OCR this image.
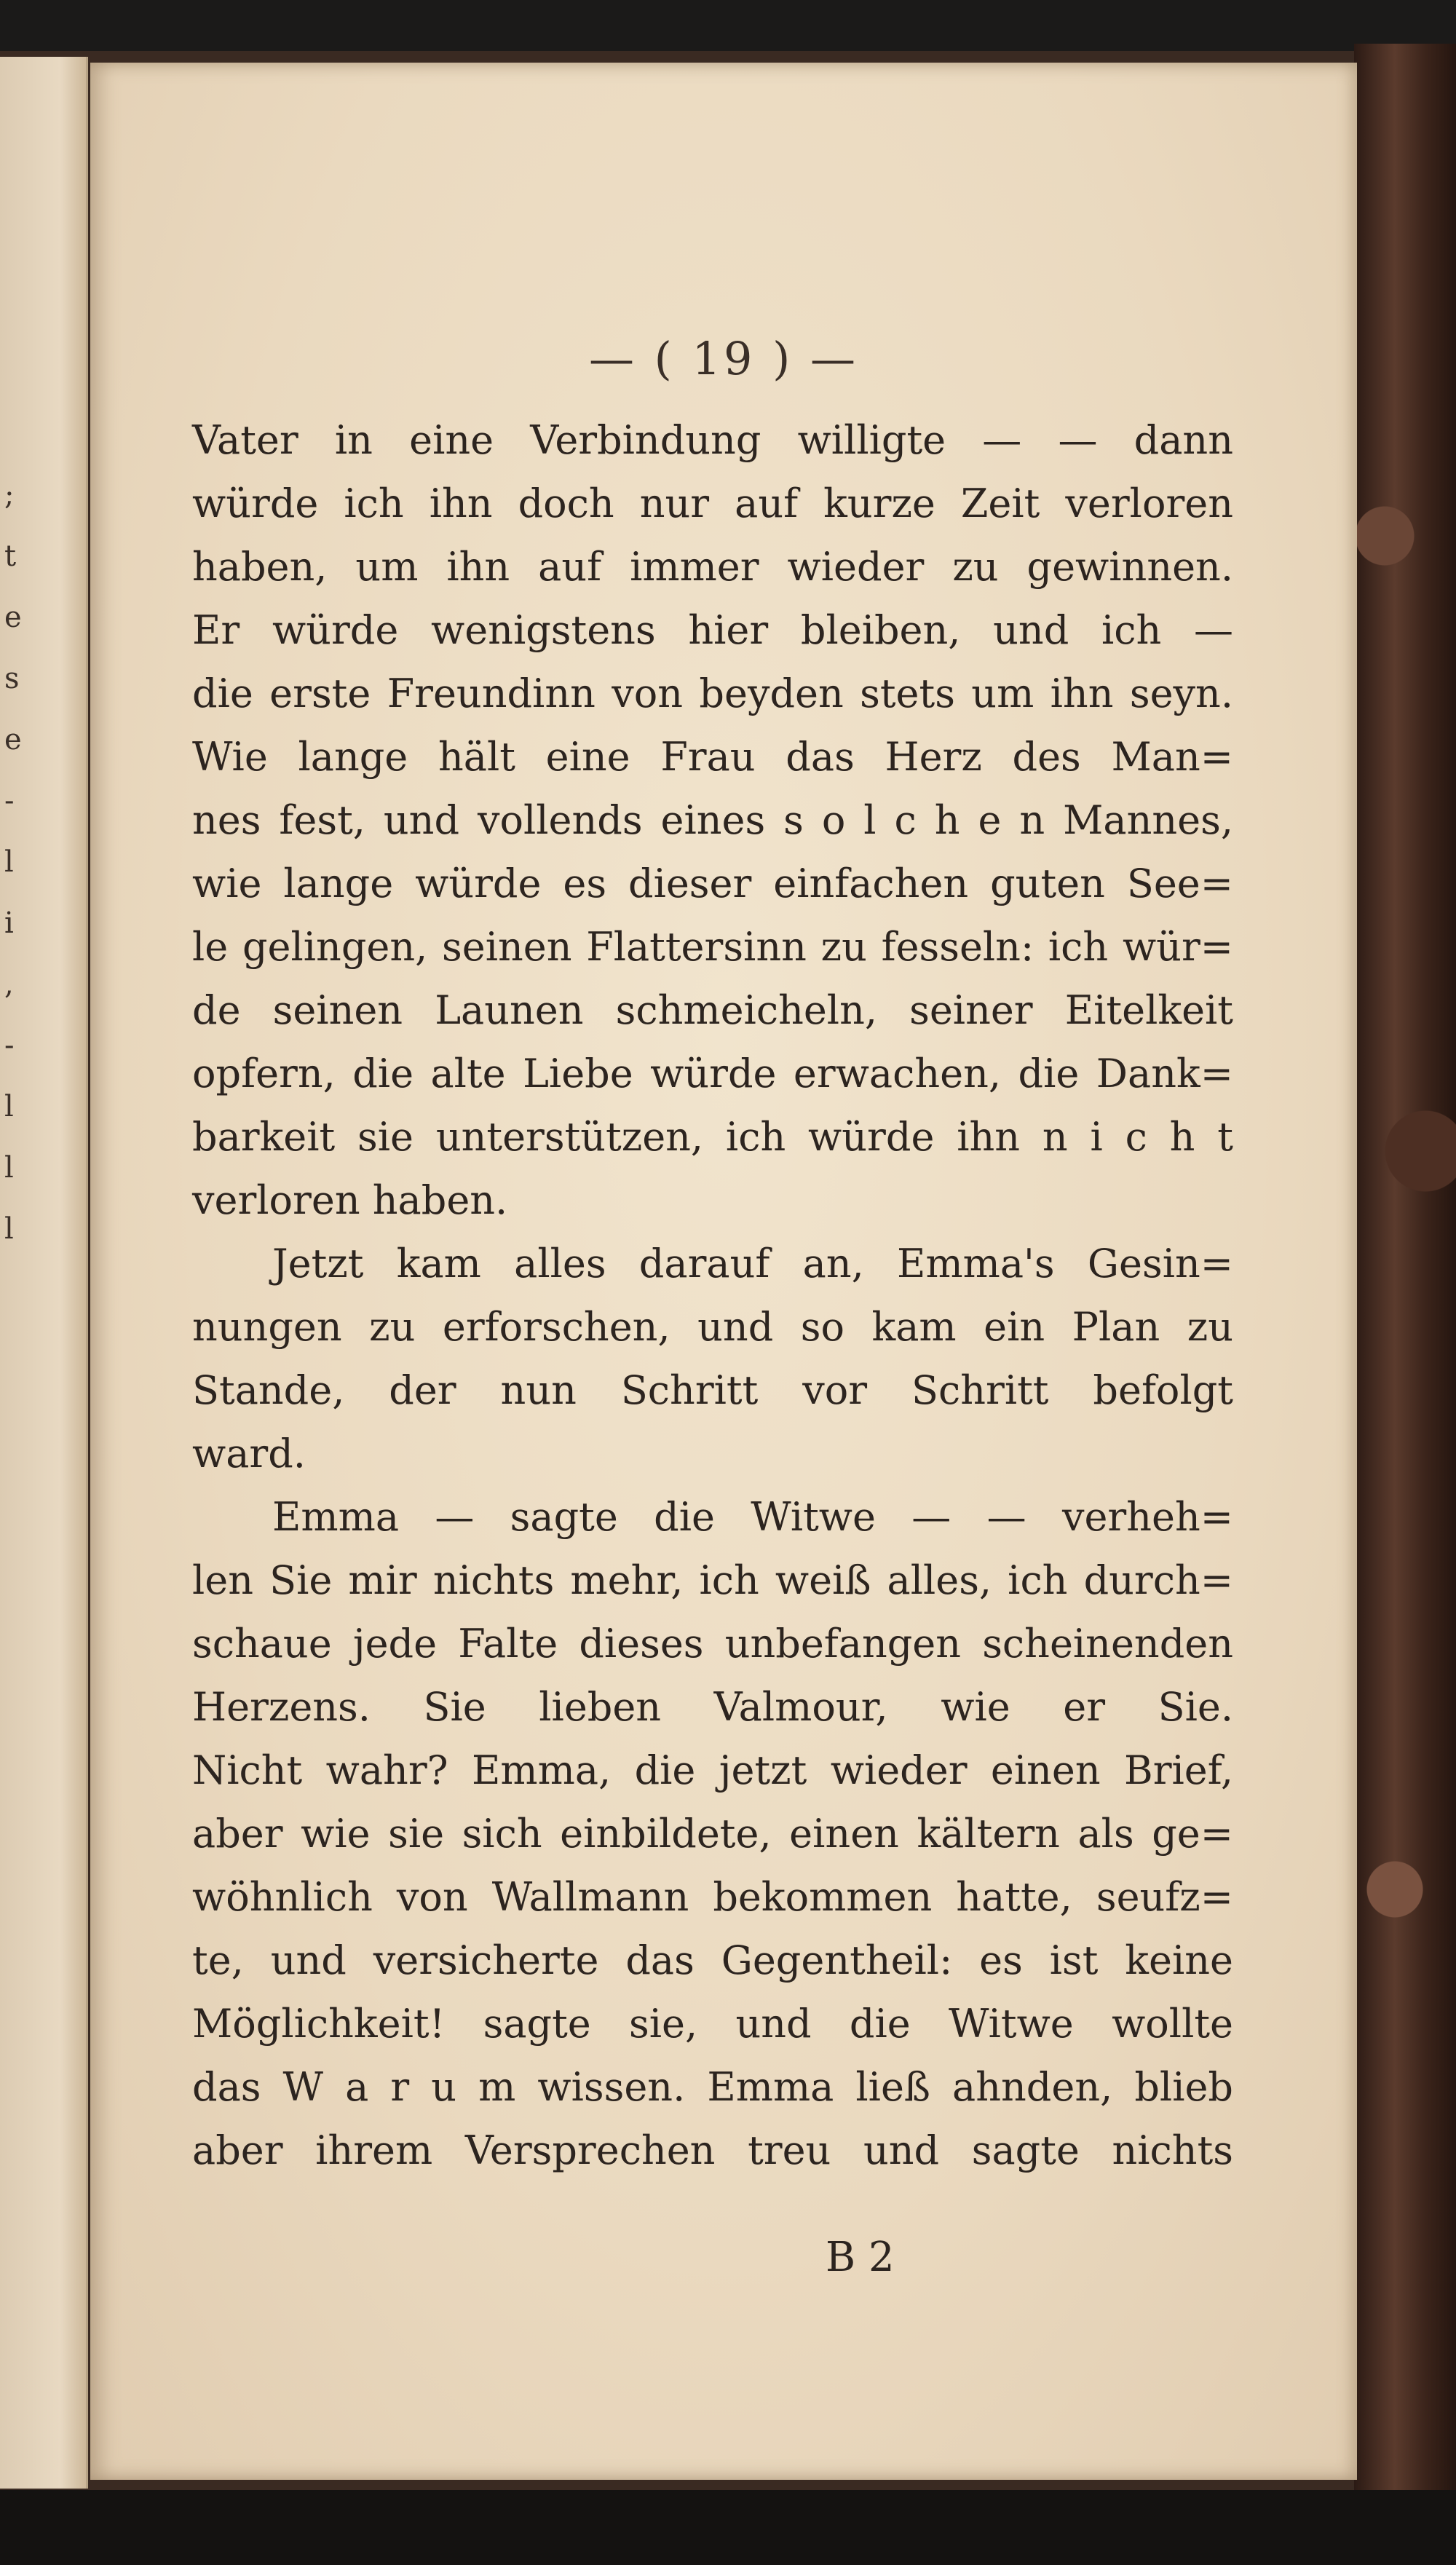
;
t
e
s
e
-
l
i
,
-
l
l
l
— ( 19 ) —
Vater in eine Verbindung willigte — — dann
würde ich ihn doch nur auf kurze Zeit verloren
haben, um ihn auf immer wieder zu gewinnen.
Er würde wenigstens hier bleiben, und ich —
die erste Freundinn von beyden stets um ihn seyn.
Wie lange hält eine Frau das Herz des Man=
nes fest, und vollends eines s o l c h e n Mannes,
wie lange würde es dieser einfachen guten See=
le gelingen, seinen Flattersinn zu fesseln: ich wür=
de seinen Launen schmeicheln, seiner Eitelkeit
opfern, die alte Liebe würde erwachen, die Dank=
barkeit sie unterstützen, ich würde ihn n i c h t
verloren haben.
Jetzt kam alles darauf an, Emma's Gesin=
nungen zu erforschen, und so kam ein Plan zu
Stande, der nun Schritt vor Schritt befolgt
ward.
Emma — sagte die Witwe — — verheh=
len Sie mir nichts mehr, ich weiß alles, ich durch=
schaue jede Falte dieses unbefangen scheinenden
Herzens. Sie lieben Valmour, wie er Sie.
Nicht wahr? Emma, die jetzt wieder einen Brief,
aber wie sie sich einbildete, einen kältern als ge=
wöhnlich von Wallmann bekommen hatte, seufz=
te, und versicherte das Gegentheil: es ist keine
Möglichkeit! sagte sie, und die Witwe wollte
das W a r u m wissen. Emma ließ ahnden, blieb
aber ihrem Versprechen treu und sagte nichts
B 2
